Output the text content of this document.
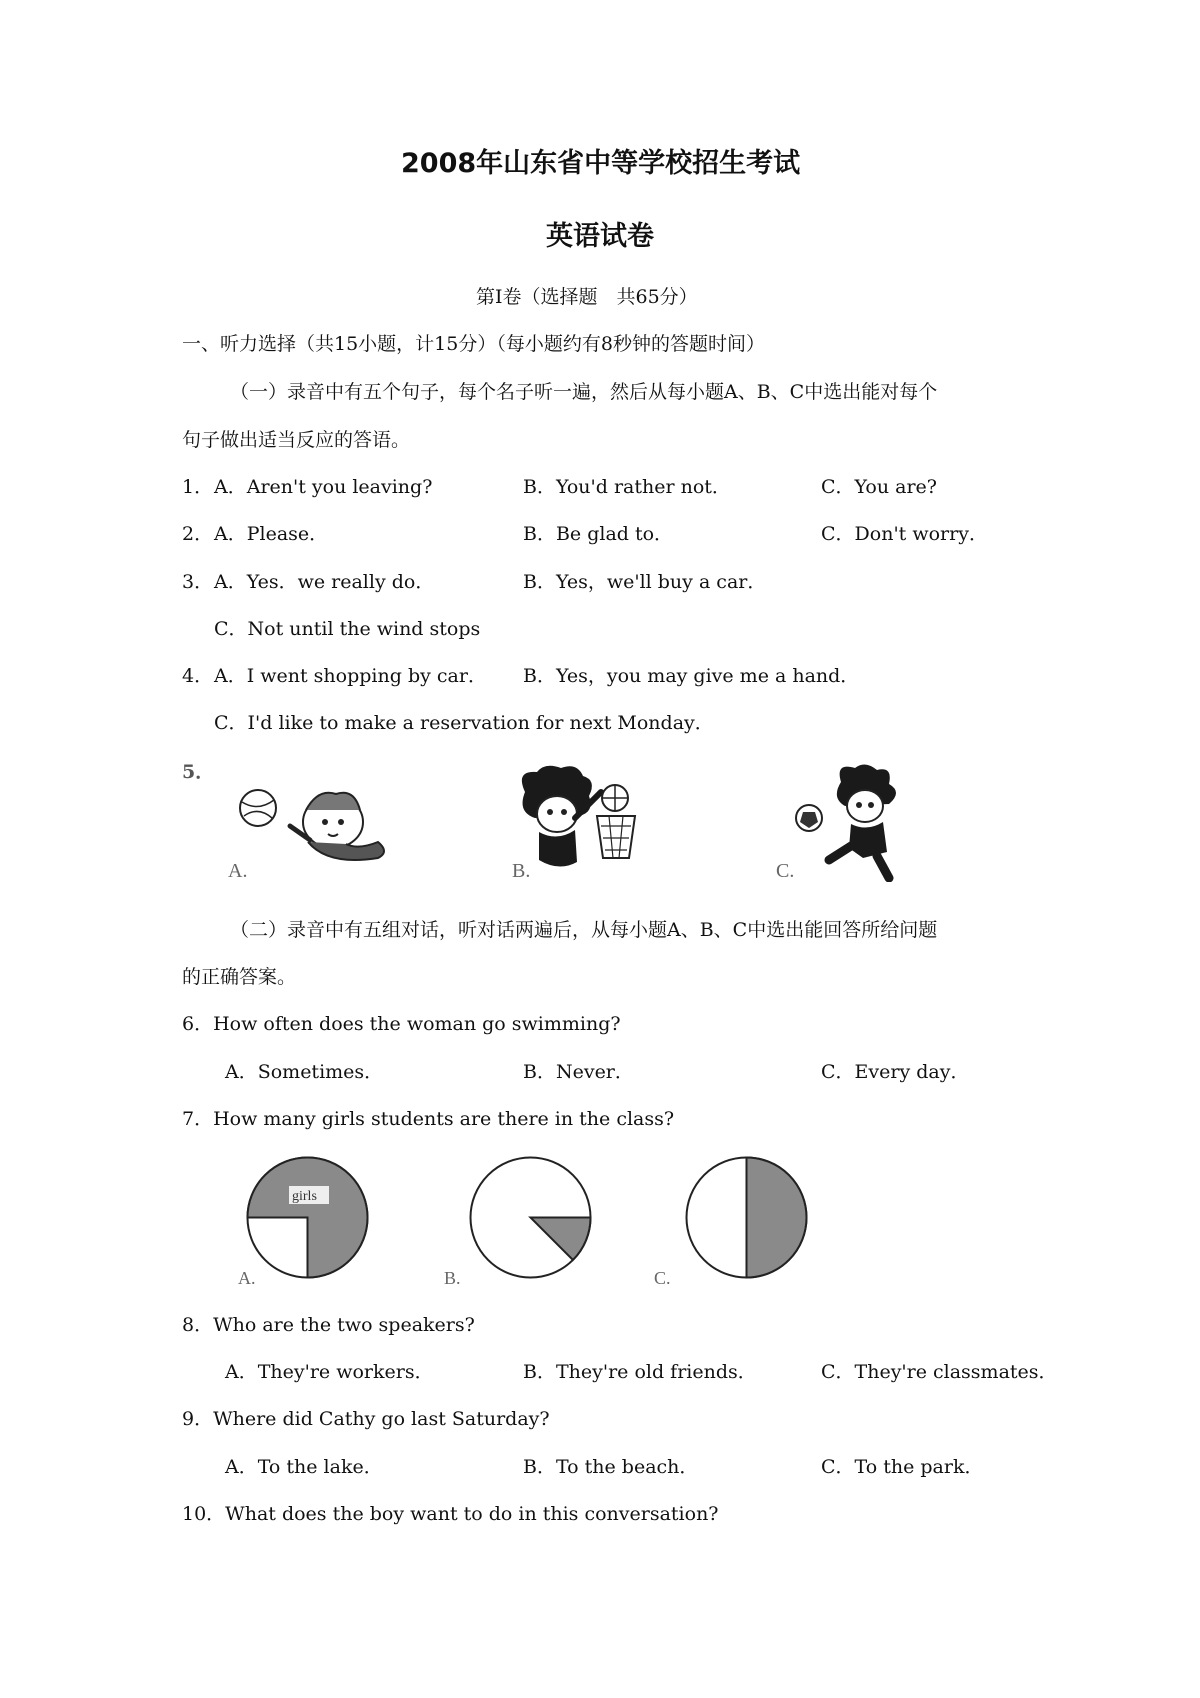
2008年山东省中等学校招生考试
英语试卷
第Ⅰ卷（选择题　共65分）
一、听力选择（共15小题，计15分）（每小题约有8秒钟的答题时间）
（一）录音中有五个句子，每个名子听一遍，然后从每小题A、B、C中选出能对每个
句子做出适当反应的答语。
1． A．Aren't you leaving?	B．You'd rather not．	C．You are?
2． A．Please．	B．Be glad to．	C．Don't worry．
3． A．Yes．we really do．	B．Yes，we'll buy a car．
C．Not until the wind stops
4． A．I went shopping by car． B．Yes，you may give me a hand．
C．I'd like to make a reservation for next Monday．
5．
A.	B.	C.
（二）录音中有五组对话，听对话两遍后，从每小题A、B、C中选出能回答所给问题
的正确答案。
6．How often does the woman go swimming?
A．Sometimes．	B．Never．	C．Every day．
7．How many girls students are there in the class?
girls
A.	B.	C.
8．Who are the two speakers?
A．They're workers．	B．They're old friends．	C．They're classmates．
9．Where did Cathy go last Saturday?
A．To the lake．	B．To the beach．	C．To the park．
10．What does the boy want to do in this conversation?
